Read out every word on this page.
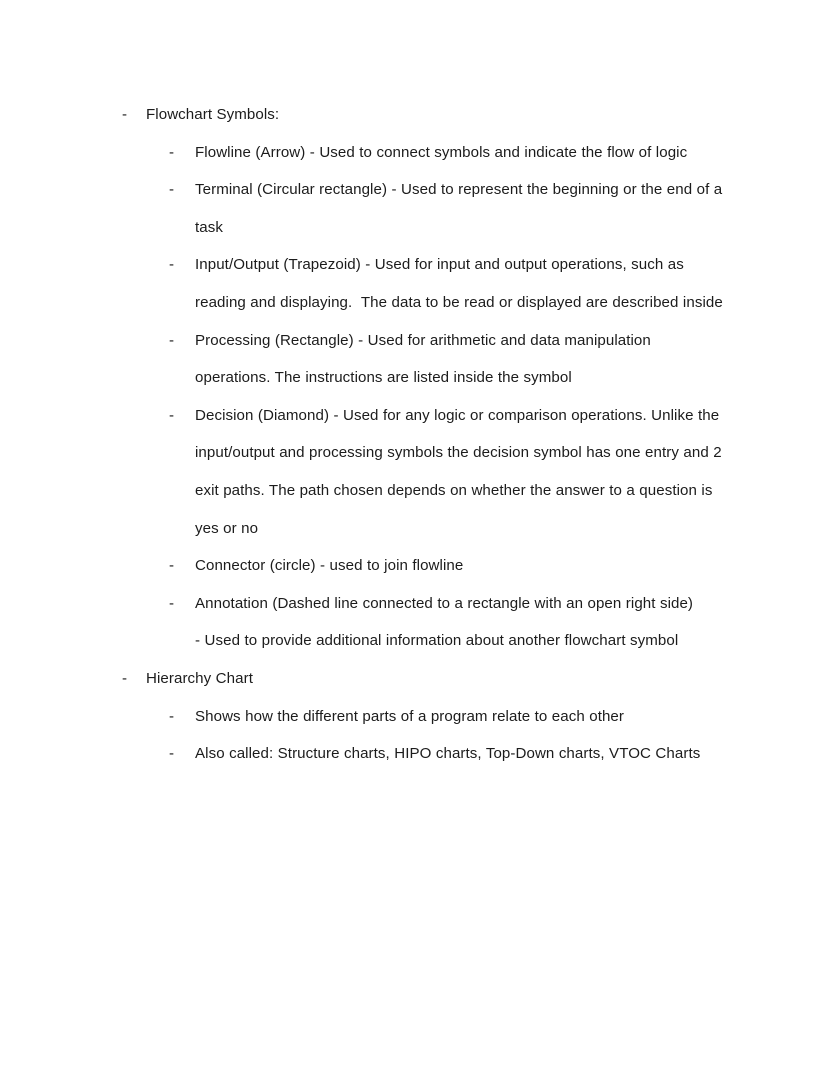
- Flowchart Symbols:
- Flowline (Arrow) - Used to connect symbols and indicate the flow of logic
- Terminal (Circular rectangle) - Used to represent the beginning or the end of a task
- Input/Output (Trapezoid) - Used for input and output operations, such as reading and displaying.  The data to be read or displayed are described inside
- Processing (Rectangle) - Used for arithmetic and data manipulation operations. The instructions are listed inside the symbol
- Decision (Diamond) - Used for any logic or comparison operations. Unlike the input/output and processing symbols the decision symbol has one entry and 2 exit paths. The path chosen depends on whether the answer to a question is yes or no
- Connector (circle) - used to join flowline
- Annotation (Dashed line connected to a rectangle with an open right side)
- Used to provide additional information about another flowchart symbol
- Hierarchy Chart
- Shows how the different parts of a program relate to each other
- Also called: Structure charts, HIPO charts, Top-Down charts, VTOC Charts
